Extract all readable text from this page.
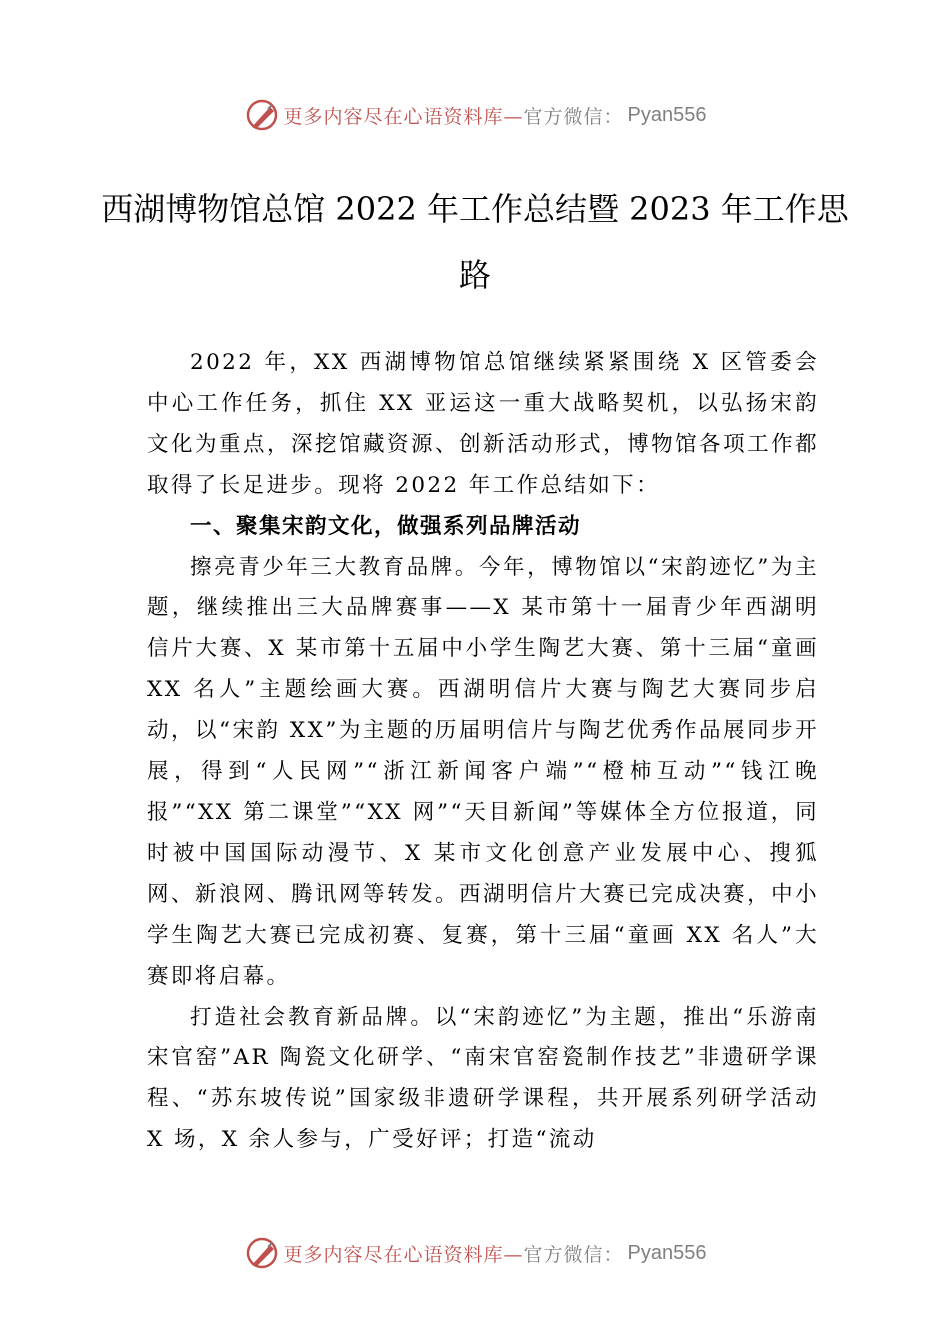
更多内容尽在心语资料库— 官方微信： Pyan556
西湖博物馆总馆 2022 年工作总结暨 2023 年工作思路

2022 年，XX 西湖博物馆总馆继续紧紧围绕 X 区管委会中心工作任务，抓住 XX 亚运这一重大战略契机，以弘扬宋韵文化为重点，深挖馆藏资源、创新活动形式，博物馆各项工作都取得了长足进步。现将 2022 年工作总结如下：

一、聚集宋韵文化，做强系列品牌活动

擦亮青少年三大教育品牌。今年，博物馆以“宋韵迹忆”为主题，继续推出三大品牌赛事——X 某市第十一届青少年西湖明信片大赛、X 某市第十五届中小学生陶艺大赛、第十三届“童画 XX 名人”主题绘画大赛。西湖明信片大赛与陶艺大赛同步启动，以“宋韵 XX”为主题的历届明信片与陶艺优秀作品展同步开展，得到“人民网”“浙江新闻客户端”“橙柿互动”“钱江晚报”“XX 第二课堂”“XX 网”“天目新闻”等媒体全方位报道，同时被中国国际动漫节、X 某市文化创意产业发展中心、搜狐网、新浪网、腾讯网等转发。西湖明信片大赛已完成决赛，中小学生陶艺大赛已完成初赛、复赛，第十三届“童画 XX 名人”大赛即将启幕。

打造社会教育新品牌。以“宋韵迹忆”为主题，推出“乐游南宋官窑”AR 陶瓷文化研学、“南宋官窑瓷制作技艺”非遗研学课程、“苏东坡传说”国家级非遗研学课程，共开展系列研学活动 X 场，X 余人参与，广受好评；打造“流动

更多内容尽在心语资料库— 官方微信： Pyan556
